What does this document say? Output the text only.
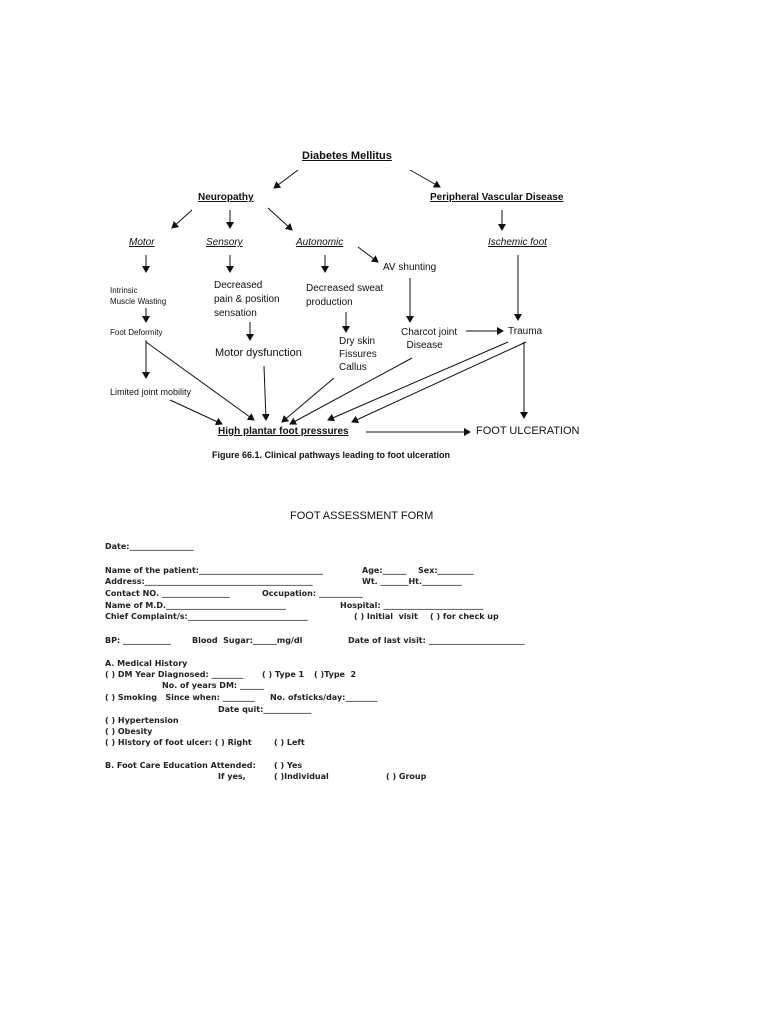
Diabetes Mellitus
Neuropathy	Peripheral Vascular Disease
Motor	Sensory	Autonomic	Ischemic foot
AV shunting
Intrinsic
Muscle Wasting
Decreased
pain & position
sensation
Decreased sweat
production
Foot Deformity
Dry skin
Fissures
Callus
Charcot joint
Disease
Trauma
Motor dysfunction
Limited joint mobility
High plantar foot pressures	FOOT ULCERATION
Figure 66.1. Clinical pathways leading to foot ulceration
FOOT ASSESSMENT FORM
Date:________________
Name of the patient:_______________________________	Age:______ Sex:_________
Address:__________________________________________	Wt. _______Ht.__________
Contact NO. _________________	Occupation: ___________
Name of M.D.______________________________	Hospital: _________________________
Chief Complaint/s:______________________________	( ) Initial  visit ( ) for check up
BP: ____________	Blood  Sugar:______mg/dl	Date of last visit: ________________________
A. Medical History
( ) DM Year Diagnosed: ________ ( ) Type 1 ( )Type  2
No. of years DM: ______
( ) Smoking   Since when: ________ No. ofsticks/day:________
Date quit:____________
( ) Hypertension
( ) Obesity
( ) History of foot ulcer: ( ) Right	( ) Left
B. Foot Care Education Attended: ( ) Yes
If yes,	( )Individual	( ) Group
